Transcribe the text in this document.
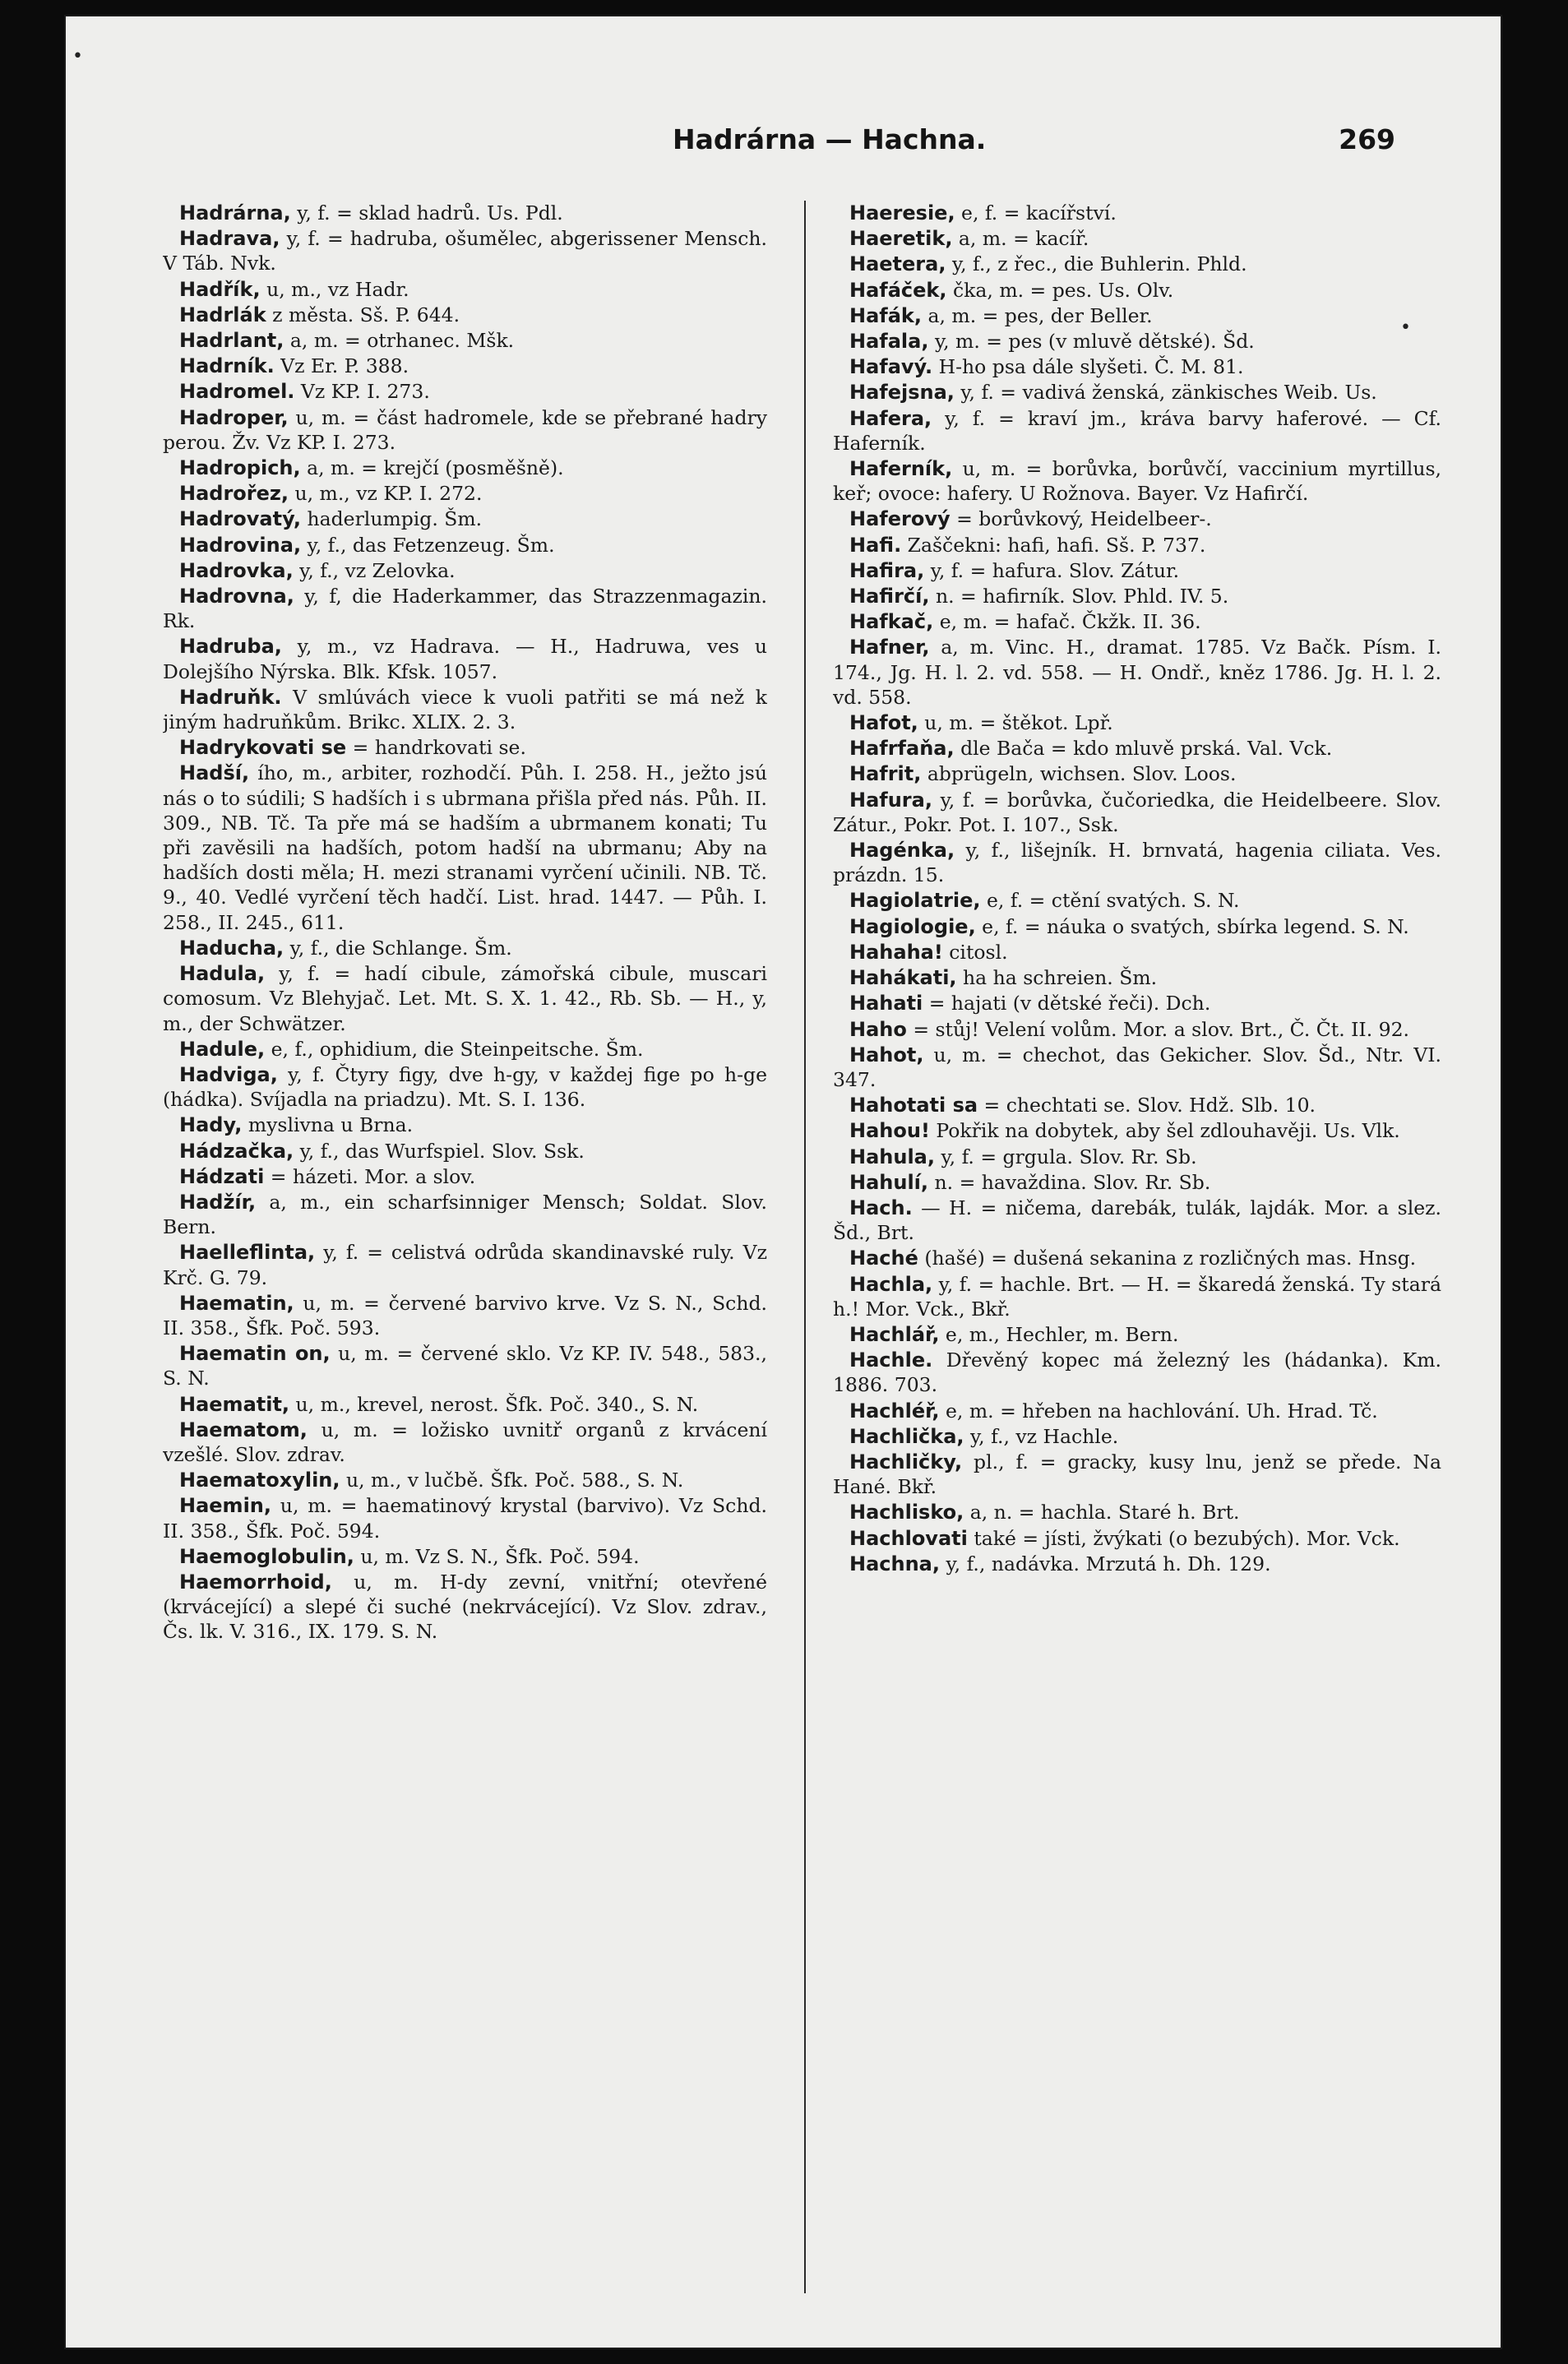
Hadrárna — Hachna.	269
•
•

Hadrárna, y, f. = sklad hadrů. Us. Pdl.

Hadrava, y, f. = hadruba, ošumělec, abgerissener Mensch. V Táb. Nvk.

Hadřík, u, m., vz Hadr.

Hadrlák z města. Sš. P. 644.

Hadrlant, a, m. = otrhanec. Mšk.

Hadrník. Vz Er. P. 388.

Hadromel. Vz KP. I. 273.

Hadroper, u, m. = část hadromele, kde se přebrané hadry perou. Žv. Vz KP. I. 273.

Hadropich, a, m. = krejčí (posměšně).

Hadrořez, u, m., vz KP. I. 272.

Hadrovatý, haderlumpig. Šm.

Hadrovina, y, f., das Fetzenzeug. Šm.

Hadrovka, y, f., vz Zelovka.

Hadrovna, y, f, die Haderkammer, das Strazzenmagazin. Rk.

Hadruba, y, m., vz Hadrava. — H., Hadruwa, ves u Dolejšího Nýrska. Blk. Kfsk. 1057.

Hadruňk. V smlúvách viece k vuoli patřiti se má než k jiným hadruňkům. Brikc. XLIX. 2. 3.

Hadrykovati se = handrkovati se.

Hadší, ího, m., arbiter, rozhodčí. Půh. I. 258. H., ježto jsú nás o to súdili; S hadších i s ubrmana přišla před nás. Půh. II. 309., NB. Tč. Ta pře má se hadším a ubrmanem konati; Tu při zavěsili na hadších, potom hadší na ubrmanu; Aby na hadších dosti měla; H. mezi stranami vyrčení učinili. NB. Tč. 9., 40. Vedlé vyrčení těch hadčí. List. hrad. 1447. — Půh. I. 258., II. 245., 611.

Haducha, y, f., die Schlange. Šm.

Hadula, y, f. = hadí cibule, zámořská cibule, muscari comosum. Vz Blehyjač. Let. Mt. S. X. 1. 42., Rb. Sb. — H., y, m., der Schwätzer.

Hadule, e, f., ophidium, die Steinpeitsche. Šm.

Hadviga, y, f. Čtyry figy, dve h-gy, v každej fige po h-ge (hádka). Svíjadla na priadzu). Mt. S. I. 136.

Hady, myslivna u Brna.

Hádzačka, y, f., das Wurfspiel. Slov. Ssk.

Hádzati = házeti. Mor. a slov.

Hadžír, a, m., ein scharfsinniger Mensch; Soldat. Slov. Bern.

Haelleflinta, y, f. = celistvá odrůda skandinavské ruly. Vz Krč. G. 79.

Haematin, u, m. = červené barvivo krve. Vz S. N., Schd. II. 358., Šfk. Poč. 593.

Haematin on, u, m. = červené sklo. Vz KP. IV. 548., 583., S. N.

Haematit, u, m., krevel, nerost. Šfk. Poč. 340., S. N.

Haematom, u, m. = ložisko uvnitř organů z krvácení vzešlé. Slov. zdrav.

Haematoxylin, u, m., v lučbě. Šfk. Poč. 588., S. N.

Haemin, u, m. = haematinový krystal (barvivo). Vz Schd. II. 358., Šfk. Poč. 594.

Haemoglobulin, u, m. Vz S. N., Šfk. Poč. 594.

Haemorrhoid, u, m. H-dy zevní, vnitřní; otevřené (krvácející) a slepé či suché (nekrvácející). Vz Slov. zdrav., Čs. lk. V. 316., IX. 179. S. N.

Haeresie, e, f. = kacířství.

Haeretik, a, m. = kacíř.

Haetera, y, f., z řec., die Buhlerin. Phld.

Hafáček, čka, m. = pes. Us. Olv.

Hafák, a, m. = pes, der Beller.

Hafala, y, m. = pes (v mluvě dětské). Šd.

Hafavý. H-ho psa dále slyšeti. Č. M. 81.

Hafejsna, y, f. = vadivá ženská, zänkisches Weib. Us.

Hafera, y, f. = kraví jm., kráva barvy haferové. — Cf. Haferník.

Haferník, u, m. = borůvka, borůvčí, vaccinium myrtillus, keř; ovoce: hafery. U Rožnova. Bayer. Vz Hafirčí.

Haferový = borůvkový, Heidelbeer-.

Hafi. Zaščekni: hafi, hafi. Sš. P. 737.

Hafira, y, f. = hafura. Slov. Zátur.

Hafirčí, n. = hafirník. Slov. Phld. IV. 5.

Hafkač, e, m. = hafač. Čkžk. II. 36.

Hafner, a, m. Vinc. H., dramat. 1785. Vz Bačk. Písm. I. 174., Jg. H. l. 2. vd. 558. — H. Ondř., kněz 1786. Jg. H. l. 2. vd. 558.

Hafot, u, m. = štěkot. Lpř.

Hafrfaňa, dle Bača = kdo mluvě prská. Val. Vck.

Hafrit, abprügeln, wichsen. Slov. Loos.

Hafura, y, f. = borůvka, čučoriedka, die Heidelbeere. Slov. Zátur., Pokr. Pot. I. 107., Ssk.

Hagénka, y, f., lišejník. H. brnvatá, hagenia ciliata. Ves. prázdn. 15.

Hagiolatrie, e, f. = ctění svatých. S. N.

Hagiologie, e, f. = náuka o svatých, sbírka legend. S. N.

Hahaha! citosl.

Hahákati, ha ha schreien. Šm.

Hahati = hajati (v dětské řeči). Dch.

Haho = stůj! Velení volům. Mor. a slov. Brt., Č. Čt. II. 92.

Hahot, u, m. = chechot, das Gekicher. Slov. Šd., Ntr. VI. 347.

Hahotati sa = chechtati se. Slov. Hdž. Slb. 10.

Hahou! Pokřik na dobytek, aby šel zdlouhavěji. Us. Vlk.

Hahula, y, f. = grgula. Slov. Rr. Sb.

Hahulí, n. = havaždina. Slov. Rr. Sb.

Hach. — H. = ničema, darebák, tulák, lajdák. Mor. a slez. Šd., Brt.

Haché (hašé) = dušená sekanina z rozličných mas. Hnsg.

Hachla, y, f. = hachle. Brt. — H. = škaredá ženská. Ty stará h.! Mor. Vck., Bkř.

Hachlář, e, m., Hechler, m. Bern.

Hachle. Dřevěný kopec má železný les (hádanka). Km. 1886. 703.

Hachléř, e, m. = hřeben na hachlování. Uh. Hrad. Tč.

Hachlička, y, f., vz Hachle.

Hachličky, pl., f. = gracky, kusy lnu, jenž se přede. Na Hané. Bkř.

Hachlisko, a, n. = hachla. Staré h. Brt.

Hachlovati také = jísti, žvýkati (o bezubých). Mor. Vck.

Hachna, y, f., nadávka. Mrzutá h. Dh. 129.
